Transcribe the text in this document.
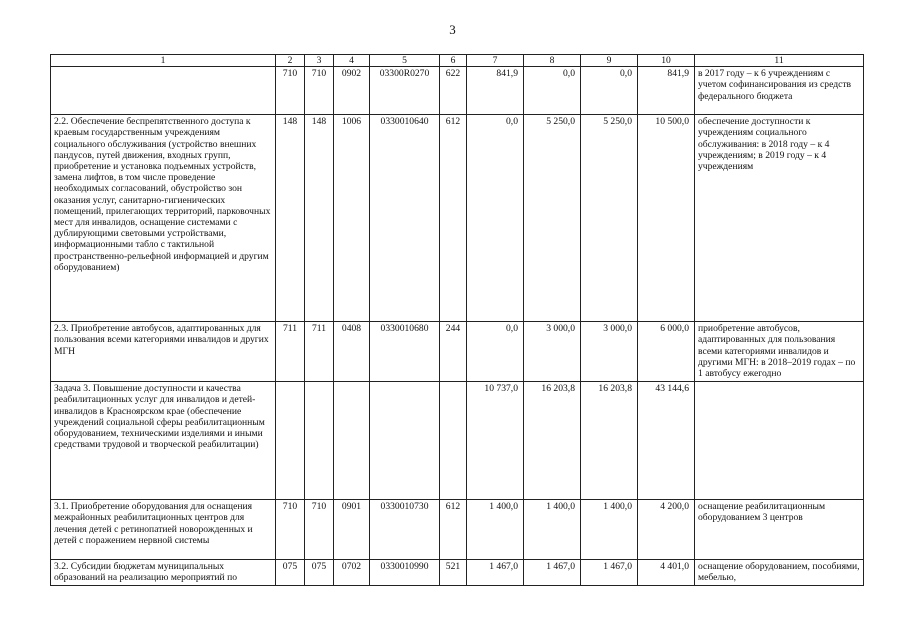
3
1	2	3	4	5	6	7	8	9	10	11
	710	710	0902	03300R0270	622	841,9	0,0	0,0	841,9	в 2017 году – к 6 учреждениям с учетом софинансирования из средств федерального бюджета
2.2. Обеспечение беспрепятственного доступа к краевым государственным учреждениям социального обслуживания (устройство внешних пандусов, путей движения, входных групп, приобретение и установка подъемных устройств, замена лифтов, в том числе проведение необходимых согласований, обустройство зон оказания услуг, санитарно-гигиенических помещений, прилегающих территорий, парковочных мест для инвалидов, оснащение системами с дублирующими световыми устройствами, информационными табло с тактильной пространственно-рельефной информацией и другим оборудованием)	148	148	1006	0330010640	612	0,0	5 250,0	5 250,0	10 500,0	обеспечение доступности к учреждениям социального обслуживания: в 2018 году – к 4 учреждениям; в 2019 году – к 4 учреждениям
2.3. Приобретение автобусов, адаптированных для пользования всеми категориями инвалидов и других МГН	711	711	0408	0330010680	244	0,0	3 000,0	3 000,0	6 000,0	приобретение автобусов, адаптированных для пользования всеми категориями инвалидов и другими МГН: в 2018–2019 годах – по 1 автобусу ежегодно
Задача 3. Повышение доступности и качества реабилитационных услуг для инвалидов и детей-инвалидов в Красноярском крае (обеспечение учреждений социальной сферы реабилитационным оборудованием, техническими изделиями и иными средствами трудовой и творческой реабилитации)						10 737,0	16 203,8	16 203,8	43 144,6	
3.1. Приобретение оборудования для оснащения межрайонных реабилитационных центров для лечения детей с ретинопатией новорожденных и детей с поражением нервной системы	710	710	0901	0330010730	612	1 400,0	1 400,0	1 400,0	4 200,0	оснащение реабилитационным оборудованием 3 центров
3.2. Субсидии бюджетам муниципальных образований на реализацию мероприятий по	075	075	0702	0330010990	521	1 467,0	1 467,0	1 467,0	4 401,0	оснащение оборудованием, пособиями, мебелью,
